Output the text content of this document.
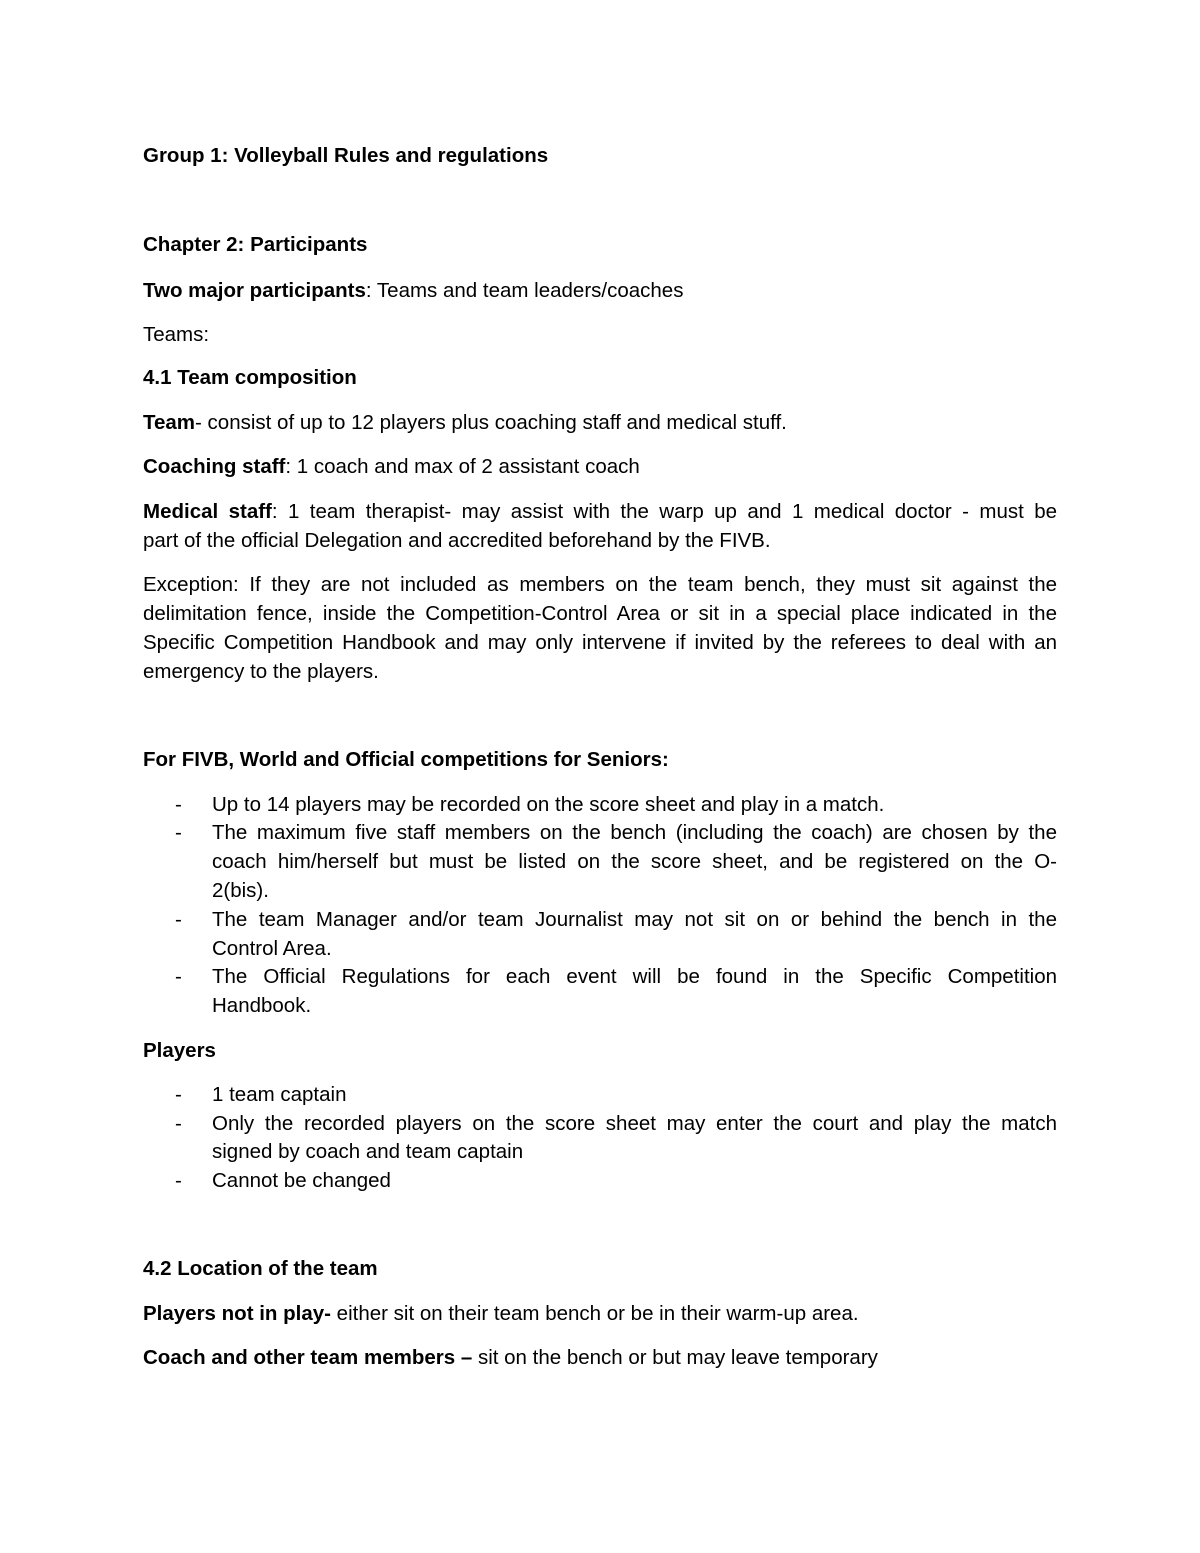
Group 1: Volleyball Rules and regulations
Chapter 2: Participants
Two major participants: Teams and team leaders/coaches
Teams:
4.1 Team composition
Team- consist of up to 12 players plus coaching staff and medical stuff.
Coaching staff: 1 coach and max of 2 assistant coach
Medical staff: 1 team therapist- may assist with the warp up and 1 medical doctor - must be
part of the official Delegation and accredited beforehand by the FIVB.
Exception: If they are not included as members on the team bench, they must sit against the
delimitation fence, inside the Competition-Control Area or sit in a special place indicated in the
Specific Competition Handbook and may only intervene if invited by the referees to deal with an
emergency to the players.
For FIVB, World and Official competitions for Seniors:
- Up to 14 players may be recorded on the score sheet and play in a match.
- The maximum five staff members on the bench (including the coach) are chosen by the
coach him/herself but must be listed on the score sheet, and be registered on the O-
2(bis).
- The team Manager and/or team Journalist may not sit on or behind the bench in the
Control Area.
- The Official Regulations for each event will be found in the Specific Competition
Handbook.
Players
- 1 team captain
- Only the recorded players on the score sheet may enter the court and play the match
signed by coach and team captain
- Cannot be changed
4.2 Location of the team
Players not in play- either sit on their team bench or be in their warm-up area.
Coach and other team members – sit on the bench or but may leave temporary
